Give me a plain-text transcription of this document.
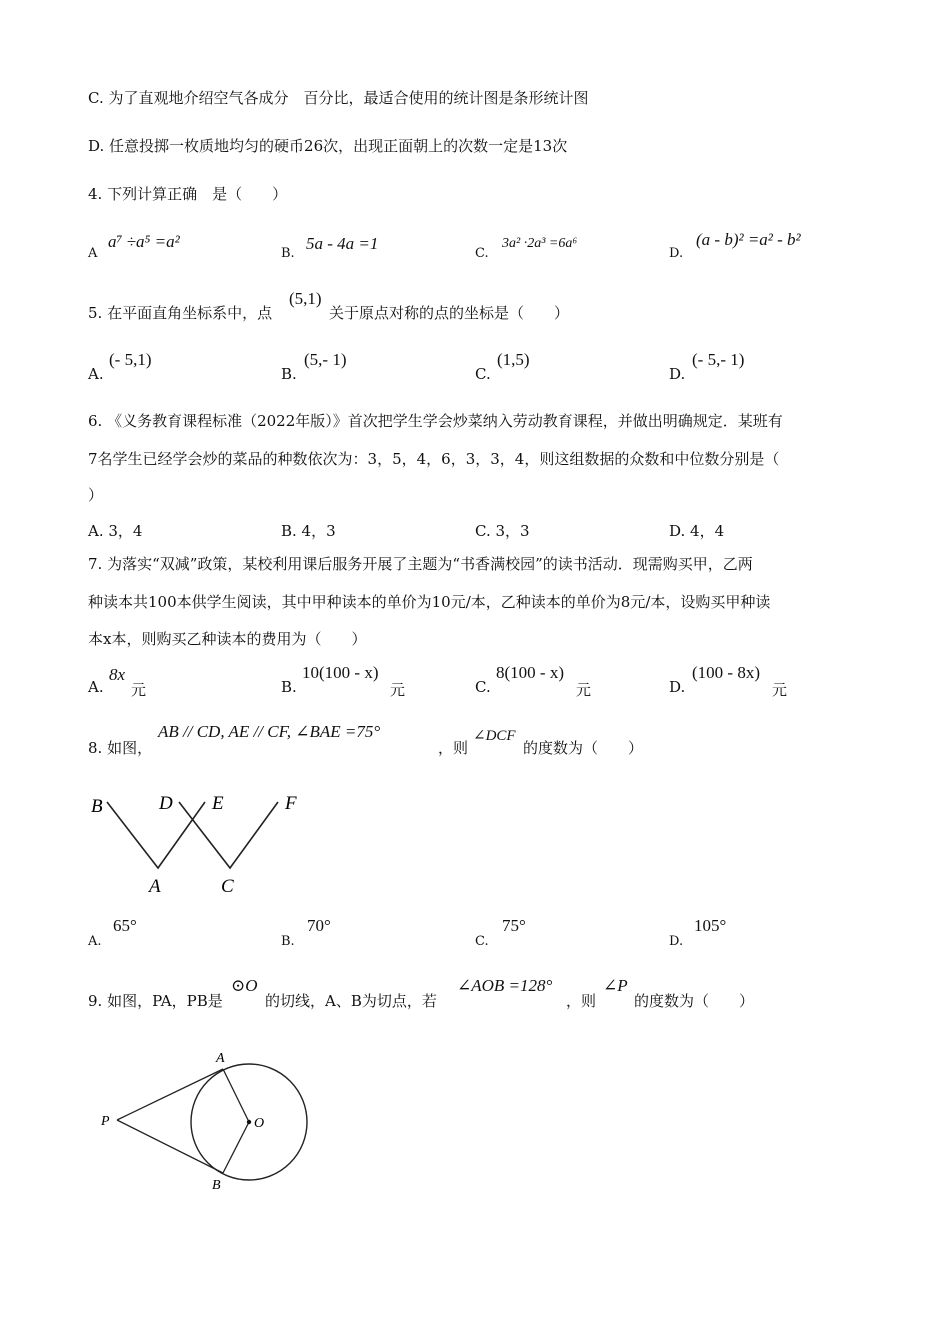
C. 为了直观地介绍空气各成分　百分比，最适合使用的统计图是条形统计图
D. 任意投掷一枚质地均匀的硬币26次，出现正面朝上的次数一定是13次
4. 下列计算正确　是（　　）
A
a⁷ ÷a⁵ =a²
B.
5a - 4a =1
C.
3a² ·2a³ =6a⁶
D.
(a - b)² =a² - b²
5. 在平面直角坐标系中，点
(5,1)
关于原点对称的点的坐标是（　　）
A.
(- 5,1)
B.
(5,- 1)
C.
(1,5)
D.
(- 5,- 1)
6. 《义务教育课程标准（2022年版）》首次把学生学会炒菜纳入劳动教育课程，并做出明确规定．某班有
7名学生已经学会炒的菜品的种数依次为：3，5，4，6，3，3，4，则这组数据的众数和中位数分别是（
）
A. 3，4	B. 4，3	C. 3，3	D. 4，4
7. 为落实“双减”政策，某校利用课后服务开展了主题为“书香满校园”的读书活动．现需购买甲，乙两
种读本共100本供学生阅读，其中甲种读本的单价为10元/本，乙种读本的单价为8元/本，设购买甲种读
本x本，则购买乙种读本的费用为（　　）
A.
8x
元	B.
10(100 - x)
元	C.
8(100 - x)
元	D.
(100 - 8x)
元
8. 如图，
AB // CD, AE // CF, ∠BAE =75°
，则
∠DCF
的度数为（　　）
B	D E	F
A	C
A.
65°
B.
70°
C.
75°
D.
105°
9. 如图，PA，PB是
⊙O
的切线，A、B为切点，若
∠AOB =128°
，则
∠P
的度数为（　　）
A
P	O
B
